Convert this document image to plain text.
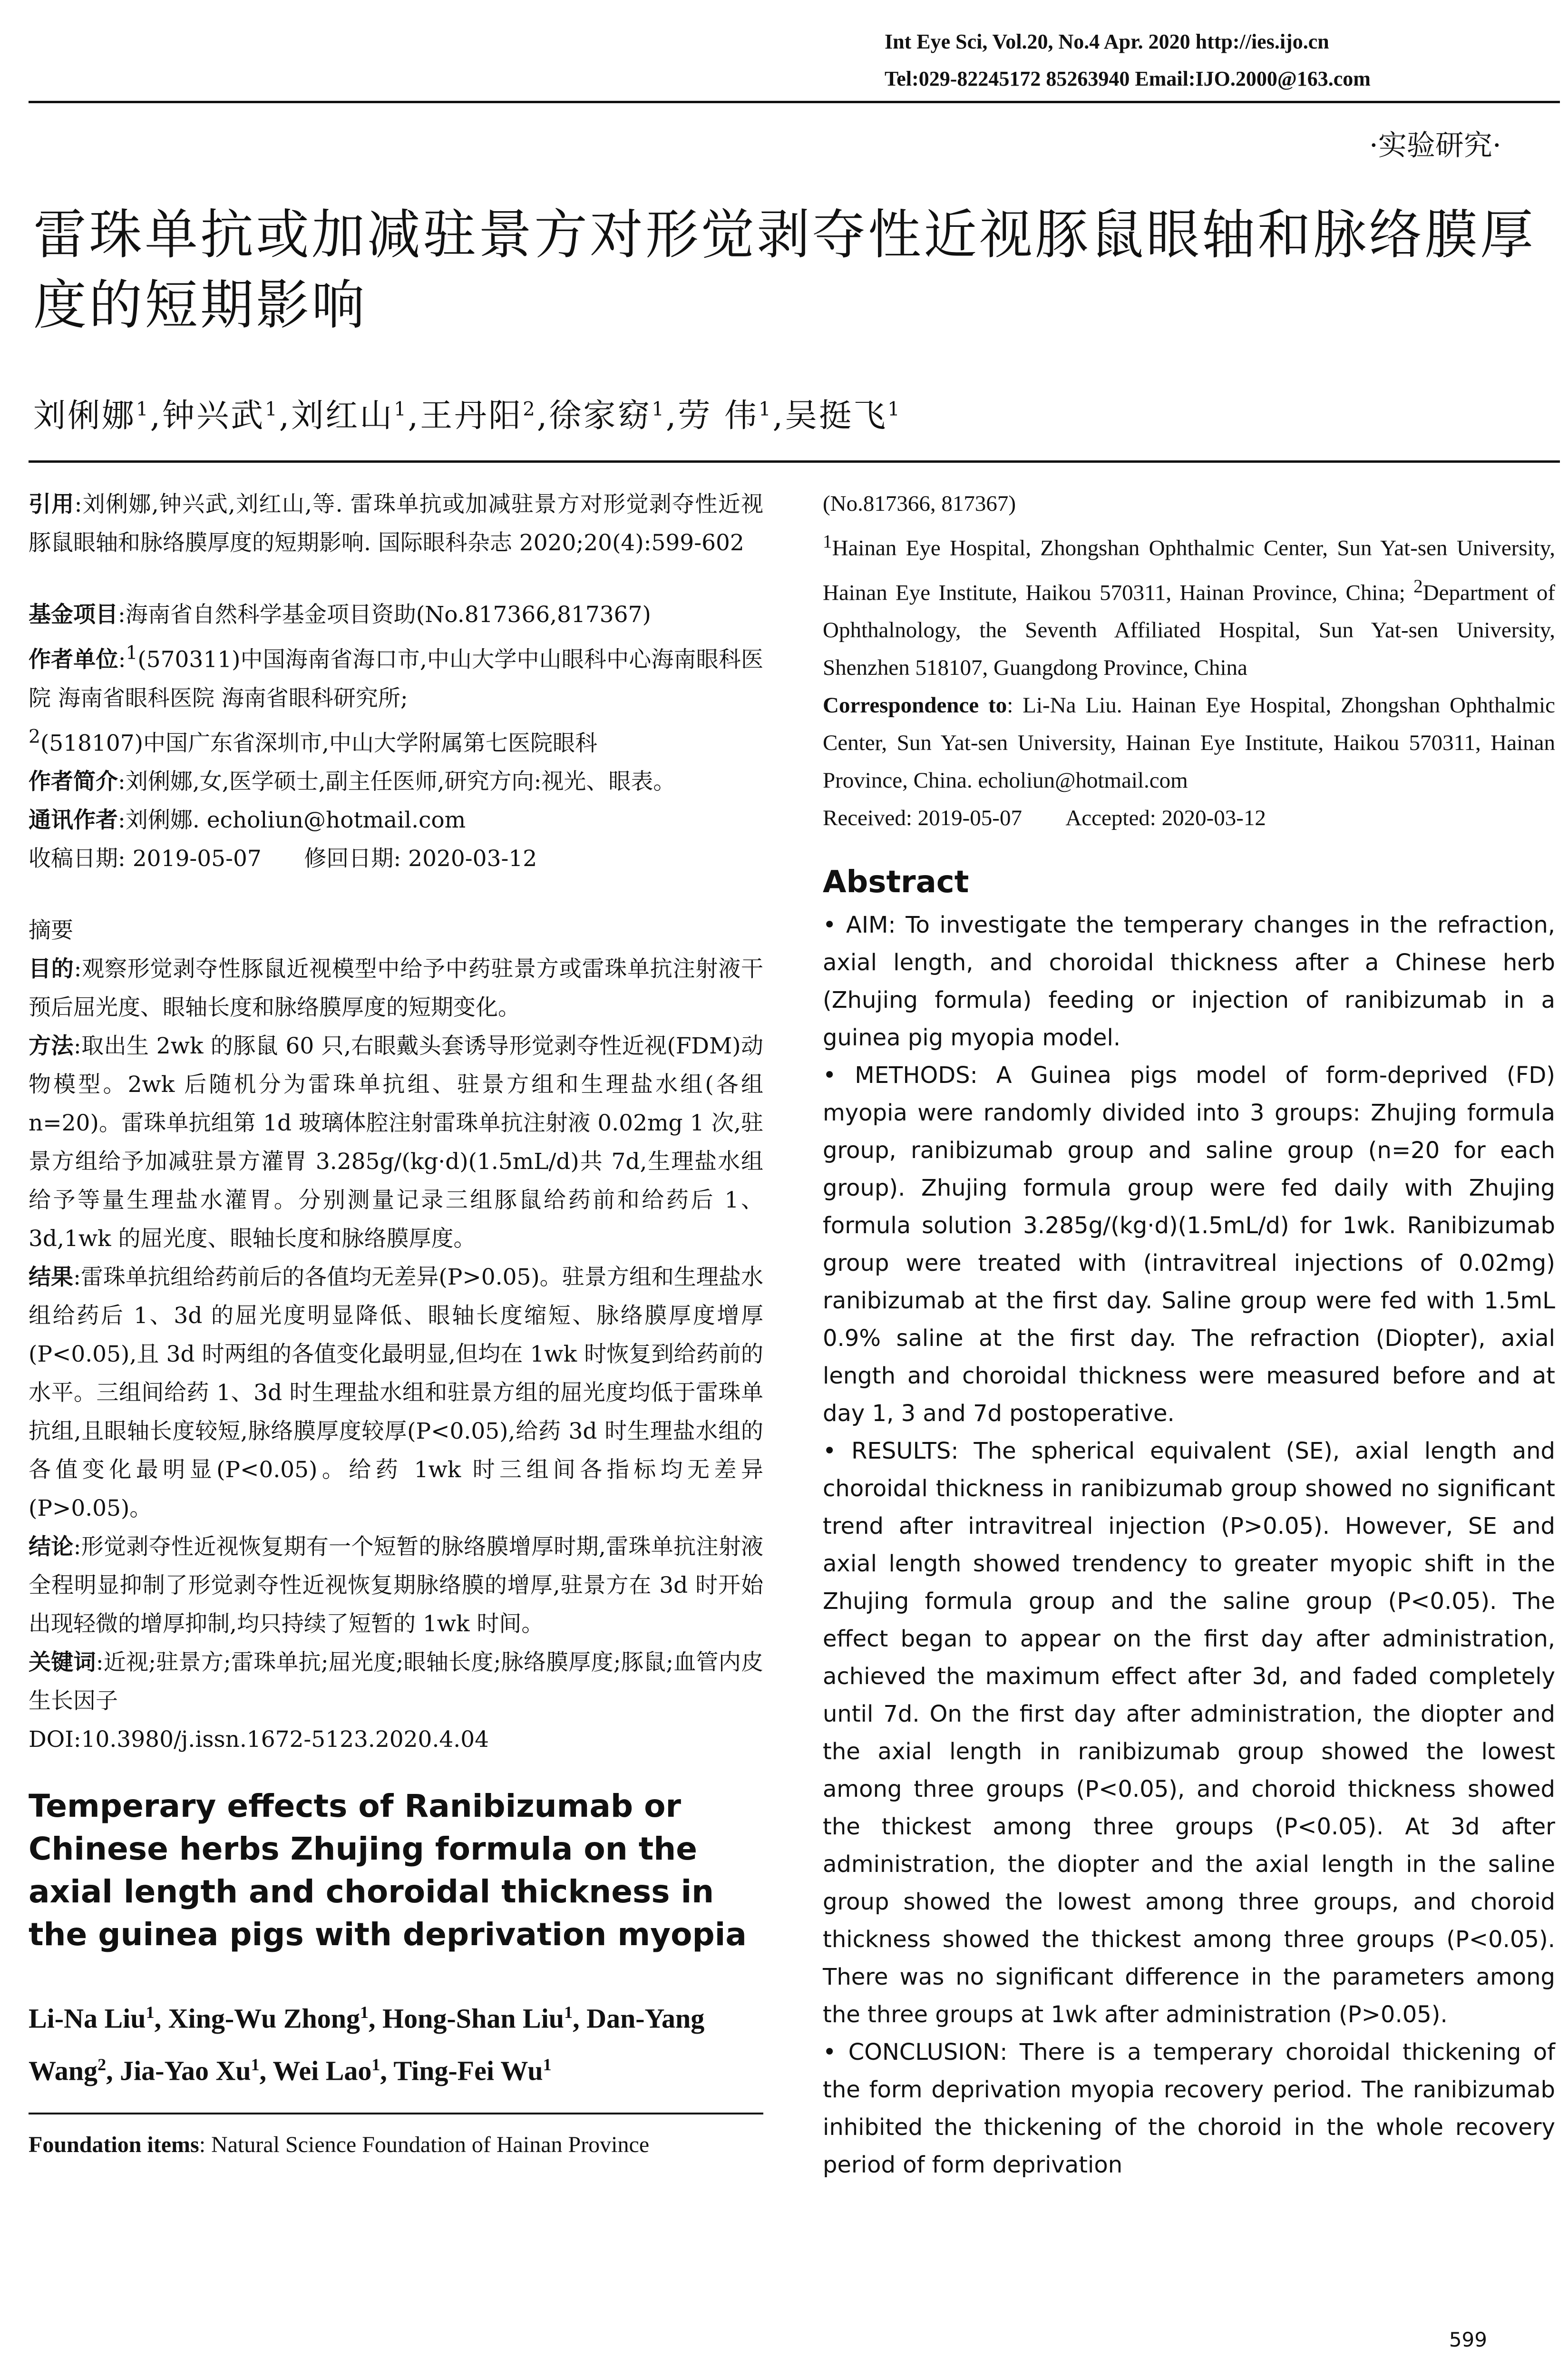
Int Eye Sci, Vol.20, No.4 Apr. 2020 http://ies.ijo.cn
Tel:029-82245172 85263940 Email:IJO.2000@163.com
·实验研究·
雷珠单抗或加减驻景方对形觉剥夺性近视豚鼠眼轴和脉络膜厚度的短期影响
刘俐娜$^1$,钟兴武$^1$,刘红山$^1$,王丹阳$^2$,徐家窈$^1$,劳 伟$^1$,吴挺飞$^1$
引用:刘俐娜,钟兴武,刘红山,等. 雷珠单抗或加减驻景方对形觉剥夺性近视豚鼠眼轴和脉络膜厚度的短期影响. 国际眼科杂志 2020;20(4):599-602
基金项目:海南省自然科学基金项目资助(No.817366,817367)
作者单位:$^1$(570311)中国海南省海口市,中山大学中山眼科中心海南眼科医院 海南省眼科医院 海南省眼科研究所;
$^2$(518107)中国广东省深圳市,中山大学附属第七医院眼科
作者简介:刘俐娜,女,医学硕士,副主任医师,研究方向:视光、眼表。
通讯作者:刘俐娜. echoliun@hotmail.com
收稿日期: 2019-05-07      修回日期: 2020-03-12
摘要
目的:观察形觉剥夺性豚鼠近视模型中给予中药驻景方或雷珠单抗注射液干预后屈光度、眼轴长度和脉络膜厚度的短期变化。
方法:取出生 2wk 的豚鼠 60 只,右眼戴头套诱导形觉剥夺性近视(FDM)动物模型。2wk 后随机分为雷珠单抗组、驻景方组和生理盐水组(各组 n=20)。雷珠单抗组第 1d 玻璃体腔注射雷珠单抗注射液 0.02mg 1 次,驻景方组给予加减驻景方灌胃 3.285g/(kg·d)(1.5mL/d)共 7d,生理盐水组给予等量生理盐水灌胃。分别测量记录三组豚鼠给药前和给药后 1、3d,1wk 的屈光度、眼轴长度和脉络膜厚度。
结果:雷珠单抗组给药前后的各值均无差异(P>0.05)。驻景方组和生理盐水组给药后 1、3d 的屈光度明显降低、眼轴长度缩短、脉络膜厚度增厚(P<0.05),且 3d 时两组的各值变化最明显,但均在 1wk 时恢复到给药前的水平。三组间给药 1、3d 时生理盐水组和驻景方组的屈光度均低于雷珠单抗组,且眼轴长度较短,脉络膜厚度较厚(P<0.05),给药 3d 时生理盐水组的各值变化最明显(P<0.05)。给药 1wk 时三组间各指标均无差异(P>0.05)。
结论:形觉剥夺性近视恢复期有一个短暂的脉络膜增厚时期,雷珠单抗注射液全程明显抑制了形觉剥夺性近视恢复期脉络膜的增厚,驻景方在 3d 时开始出现轻微的增厚抑制,均只持续了短暂的 1wk 时间。
关键词:近视;驻景方;雷珠单抗;屈光度;眼轴长度;脉络膜厚度;豚鼠;血管内皮生长因子
DOI:10.3980/j.issn.1672-5123.2020.4.04
Temperary effects of Ranibizumab or Chinese herbs Zhujing formula on the axial length and choroidal thickness in the guinea pigs with deprivation myopia
Li-Na Liu$^1$, Xing-Wu Zhong$^1$, Hong-Shan Liu$^1$, Dan-Yang Wang$^2$, Jia-Yao Xu$^1$, Wei Lao$^1$, Ting-Fei Wu$^1$
Foundation items: Natural Science Foundation of Hainan Province
(No.817366, 817367)
$^1$Hainan Eye Hospital, Zhongshan Ophthalmic Center, Sun Yat-sen University, Hainan Eye Institute, Haikou 570311, Hainan Province, China; $^2$Department of Ophthalnology, the Seventh Affiliated Hospital, Sun Yat-sen University, Shenzhen 518107, Guangdong Province, China
Correspondence to: Li-Na Liu. Hainan Eye Hospital, Zhongshan Ophthalmic Center, Sun Yat-sen University, Hainan Eye Institute, Haikou 570311, Hainan Province, China. echoliun@hotmail.com
Received: 2019-05-07        Accepted: 2020-03-12
Abstract
• AIM: To investigate the temperary changes in the refraction, axial length, and choroidal thickness after a Chinese herb (Zhujing formula) feeding or injection of ranibizumab in a guinea pig myopia model.
• METHODS: A Guinea pigs model of form-deprived (FD) myopia were randomly divided into 3 groups: Zhujing formula group, ranibizumab group and saline group (n=20 for each group). Zhujing formula group were fed daily with Zhujing formula solution 3.285g/(kg·d)(1.5mL/d) for 1wk. Ranibizumab group were treated with (intravitreal injections of 0.02mg) ranibizumab at the first day. Saline group were fed with 1.5mL 0.9% saline at the first day. The refraction (Diopter), axial length and choroidal thickness were measured before and at day 1, 3 and 7d postoperative.
• RESULTS: The spherical equivalent (SE), axial length and choroidal thickness in ranibizumab group showed no significant trend after intravitreal injection (P>0.05). However, SE and axial length showed trendency to greater myopic shift in the Zhujing formula group and the saline group (P<0.05). The effect began to appear on the first day after administration, achieved the maximum effect after 3d, and faded completely until 7d. On the first day after administration, the diopter and the axial length in ranibizumab group showed the lowest among three groups (P<0.05), and choroid thickness showed the thickest among three groups (P<0.05). At 3d after administration, the diopter and the axial length in the saline group showed the lowest among three groups, and choroid thickness showed the thickest among three groups (P<0.05). There was no significant difference in the parameters among the three groups at 1wk after administration (P>0.05).
• CONCLUSION: There is a temperary choroidal thickening of the form deprivation myopia recovery period. The ranibizumab inhibited the thickening of the choroid in the whole recovery period of form deprivation
599
